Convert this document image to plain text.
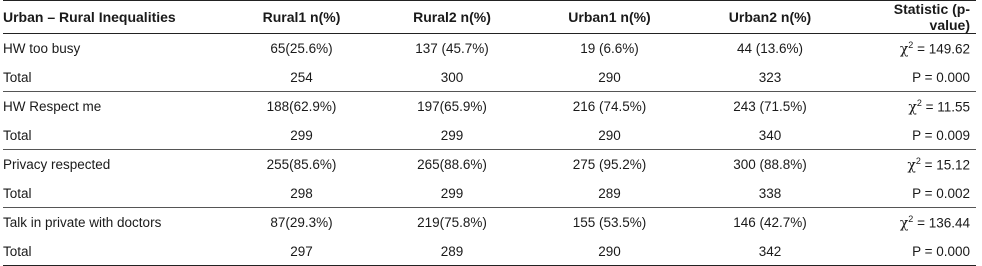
Urban – Rural Inequalities	Rural1 n(%)	Rural2 n(%)	Urban1 n(%)	Urban2 n(%)	Statistic (p-value)
HW too busy	65(25.6%)	137 (45.7%)	19 (6.6%)	44 (13.6%)	$\chi^2 = 149.62$
Total	254	300	290	323	P = 0.000
HW Respect me	188(62.9%)	197(65.9%)	216 (74.5%)	243 (71.5%)	$\chi^2 = 11.55$
Total	299	299	290	340	P = 0.009
Privacy respected	255(85.6%)	265(88.6%)	275 (95.2%)	300 (88.8%)	$\chi^2 = 15.12$
Total	298	299	289	338	P = 0.002
Talk in private with doctors	87(29.3%)	219(75.8%)	155 (53.5%)	146 (42.7%)	$\chi^2 = 136.44$
Total	297	289	290	342	P = 0.000
